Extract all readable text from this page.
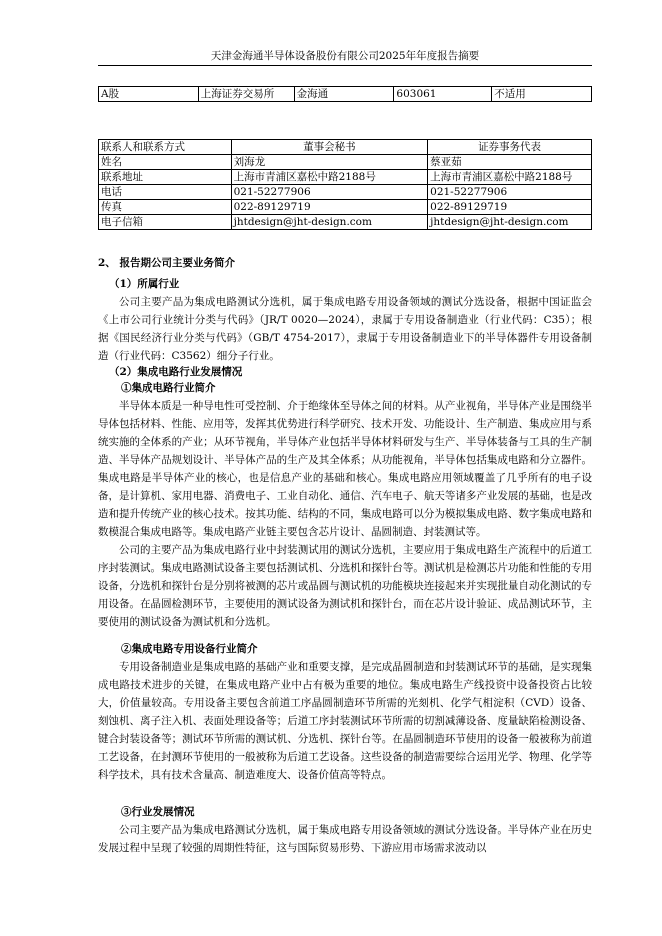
天津金海通半导体设备股份有限公司2025年年度报告摘要
A股	上海证券交易所	金海通	603061	不适用
联系人和联系方式	董事会秘书	证券事务代表
姓名	刘海龙	蔡亚茹
联系地址	上海市青浦区嘉松中路2188号	上海市青浦区嘉松中路2188号
电话	021-52277906	021-52277906
传真	022-89129719	022-89129719
电子信箱	jhtdesign@jht-design.com	jhtdesign@jht-design.com
2、 报告期公司主要业务简介
（1）所属行业

公司主要产品为集成电路测试分选机，属于集成电路专用设备领域的测试分选设备，根据中国证监会《上市公司行业统计分类与代码》（JR/T 0020—2024），隶属于专用设备制造业（行业代码：C35）；根据《国民经济行业分类与代码》（GB/T 4754-2017），隶属于专用设备制造业下的半导体器件专用设备制造（行业代码：C3562）细分子行业。

（2）集成电路行业发展情况
①集成电路行业简介

半导体本质是一种导电性可受控制、介于绝缘体至导体之间的材料。从产业视角，半导体产业是围绕半导体包括材料、性能、应用等，发挥其优势进行科学研究、技术开发、功能设计、生产制造、集成应用与系统实施的全体系的产业；从环节视角，半导体产业包括半导体材料研发与生产、半导体装备与工具的生产制造、半导体产品规划设计、半导体产品的生产及其全体系；从功能视角，半导体包括集成电路和分立器件。集成电路是半导体产业的核心，也是信息产业的基础和核心。集成电路应用领域覆盖了几乎所有的电子设备，是计算机、家用电器、消费电子、工业自动化、通信、汽车电子、航天等诸多产业发展的基础，也是改造和提升传统产业的核心技术。按其功能、结构的不同，集成电路可以分为模拟集成电路、数字集成电路和数模混合集成电路等。集成电路产业链主要包含芯片设计、晶圆制造、封装测试等。

公司的主要产品为集成电路行业中封装测试用的测试分选机，主要应用于集成电路生产流程中的后道工序封装测试。集成电路测试设备主要包括测试机、分选机和探针台等。测试机是检测芯片功能和性能的专用设备，分选机和探针台是分别将被测的芯片或晶圆与测试机的功能模块连接起来并实现批量自动化测试的专用设备。在晶圆检测环节，主要使用的测试设备为测试机和探针台，而在芯片设计验证、成品测试环节，主要使用的测试设备为测试机和分选机。

②集成电路专用设备行业简介

专用设备制造业是集成电路的基础产业和重要支撑，是完成晶圆制造和封装测试环节的基础，是实现集成电路技术进步的关键，在集成电路产业中占有极为重要的地位。集成电路生产线投资中设备投资占比较大，价值量较高。专用设备主要包含前道工序晶圆制造环节所需的光刻机、化学气相淀积（CVD）设备、刻蚀机、离子注入机、表面处理设备等；后道工序封装测试环节所需的切割减薄设备、度量缺陷检测设备、键合封装设备等；测试环节所需的测试机、分选机、探针台等。在晶圆制造环节使用的设备一般被称为前道工艺设备，在封测环节使用的一般被称为后道工艺设备。这些设备的制造需要综合运用光学、物理、化学等科学技术，具有技术含量高、制造难度大、设备价值高等特点。

③行业发展情况

公司主要产品为集成电路测试分选机，属于集成电路专用设备领域的测试分选设备。半导体产业在历史发展过程中呈现了较强的周期性特征，这与国际贸易形势、下游应用市场需求波动以
